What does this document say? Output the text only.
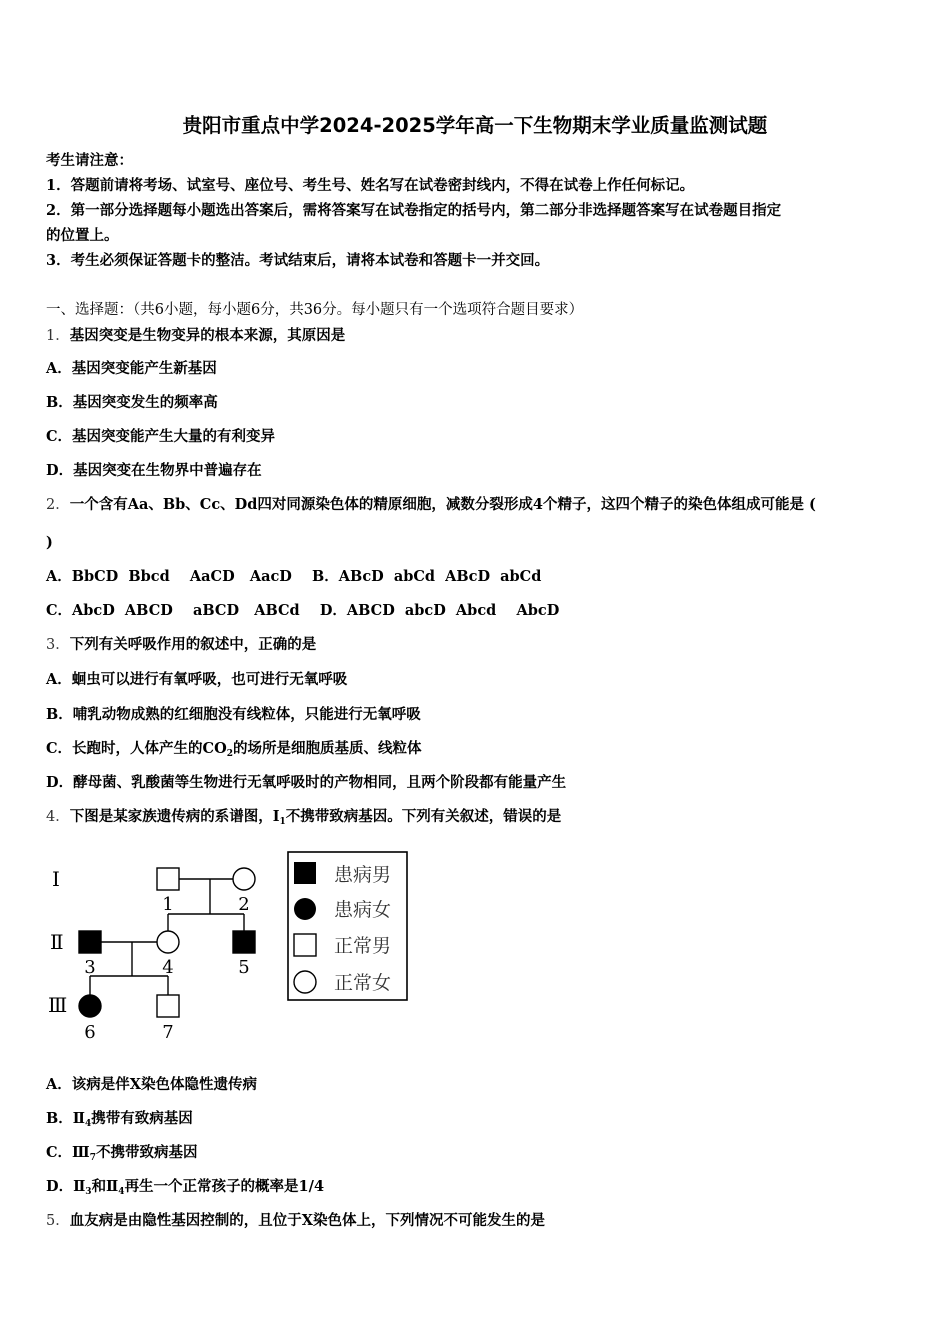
贵阳市重点中学2024-2025学年高一下生物期末学业质量监测试题
考生请注意：
1．答题前请将考场、试室号、座位号、考生号、姓名写在试卷密封线内，不得在试卷上作任何标记。
2．第一部分选择题每小题选出答案后，需将答案写在试卷指定的括号内，第二部分非选择题答案写在试卷题目指定
的位置上。
3．考生必须保证答题卡的整洁。考试结束后，请将本试卷和答题卡一并交回。
一、选择题：（共6小题，每小题6分，共36分。每小题只有一个选项符合题目要求）
1．基因突变是生物变异的根本来源，其原因是
A．基因突变能产生新基因
B．基因突变发生的频率高
C．基因突变能产生大量的有利变异
D．基因突变在生物界中普遍存在
2．一个含有Aa、Bb、Cc、Dd四对同源染色体的精原细胞，减数分裂形成4个精子，这四个精子的染色体组成可能是 (
)
A．BbCD  Bbcd    AaCD   AacD    B．ABcD  abCd  ABcD  abCd
C．AbcD  ABCD    aBCD   ABCd    D．ABCD  abcD  Abcd    AbcD
3．下列有关呼吸作用的叙述中，正确的是
A．蛔虫可以进行有氧呼吸，也可进行无氧呼吸
B．哺乳动物成熟的红细胞没有线粒体，只能进行无氧呼吸
C．长跑时，人体产生的$CO_2$的场所是细胞质基质、线粒体
D．酵母菌、乳酸菌等生物进行无氧呼吸时的产物相同，且两个阶段都有能量产生
4．下图是某家族遗传病的系谱图，$Ⅰ_1$不携带致病基因。下列有关叙述，错误的是
Ⅰ
Ⅱ
Ⅲ
1	2
3	4	5
6	7
患病男
患病女
正常男
正常女
A．该病是伴X染色体隐性遗传病
B．$Ⅱ_4$携带有致病基因
C．$Ⅲ_7$不携带致病基因
D．$Ⅱ_3$和$Ⅱ_4$再生一个正常孩子的概率是1/4
5．血友病是由隐性基因控制的，且位于X染色体上，下列情况不可能发生的是
